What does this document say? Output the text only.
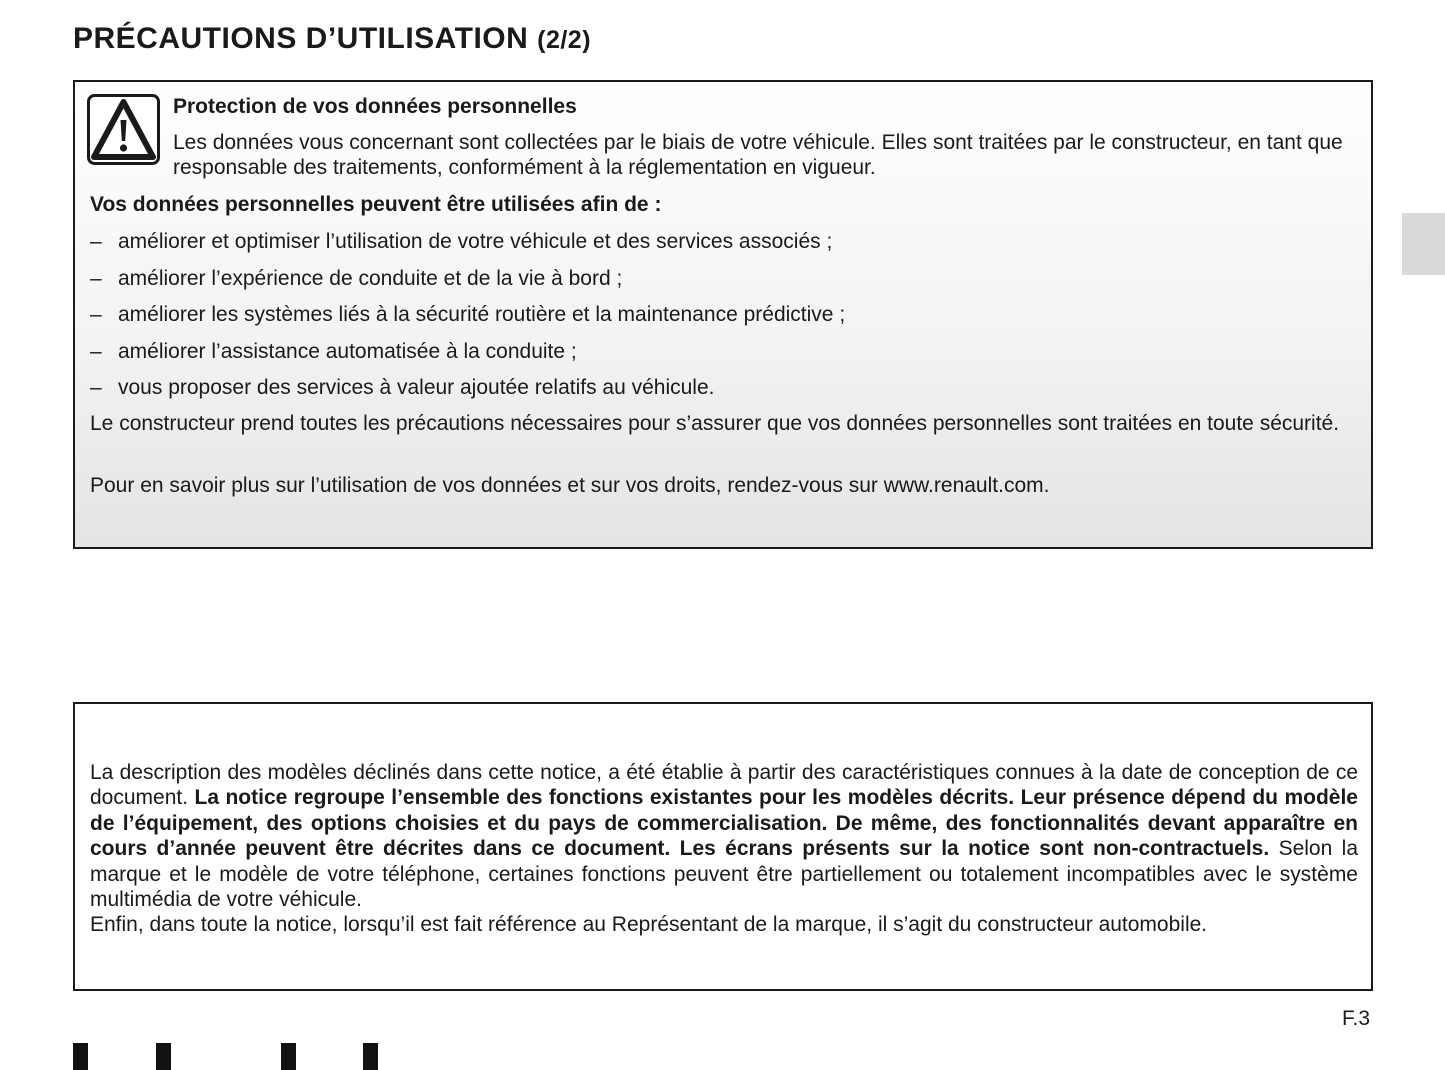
PRÉCAUTIONS D’UTILISATION (2/2)

Protection de vos données personnelles

Les données vous concernant sont collectées par le biais de votre véhicule. Elles sont traitées par le constructeur, en tant que responsable des traitements, conformément à la réglementation en vigueur.

Vos données personnelles peuvent être utilisées afin de :

– améliorer et optimiser l’utilisation de votre véhicule et des services associés ;
– améliorer l’expérience de conduite et de la vie à bord ;
– améliorer les systèmes liés à la sécurité routière et la maintenance prédictive ;
– améliorer l’assistance automatisée à la conduite ;
– vous proposer des services à valeur ajoutée relatifs au véhicule.

Le constructeur prend toutes les précautions nécessaires pour s’assurer que vos données personnelles sont traitées en toute sécurité.

Pour en savoir plus sur l’utilisation de vos données et sur vos droits, rendez-vous sur www.renault.com.

La description des modèles déclinés dans cette notice, a été établie à partir des caractéristiques connues à la date de conception de ce document. La notice regroupe l’ensemble des fonctions existantes pour les modèles décrits. Leur présence dépend du modèle de l’équipement, des options choisies et du pays de commercialisation. De même, des fonctionnalités devant apparaître en cours d’année peuvent être décrites dans ce document. Les écrans présents sur la notice sont non-contractuels. Selon la marque et le modèle de votre téléphone, certaines fonctions peuvent être partiellement ou totalement incompatibles avec le système multimédia de votre véhicule.
Enfin, dans toute la notice, lorsqu’il est fait référence au Représentant de la marque, il s’agit du constructeur automobile.

F.3
